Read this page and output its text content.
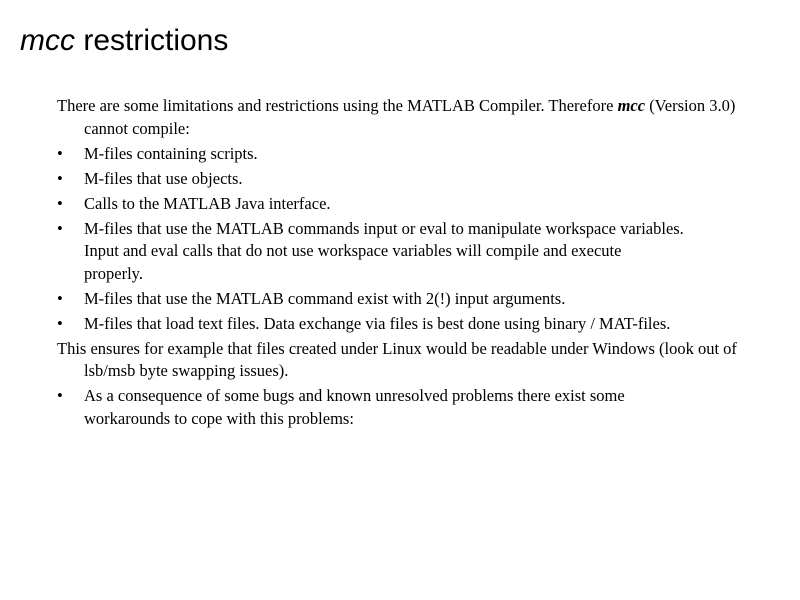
mcc restrictions

There are some limitations and restrictions using the MATLAB Compiler. Therefore mcc (Version 3.0) cannot compile:

•	M-files containing scripts.
•	M-files that use objects.
•	Calls to the MATLAB Java interface.
•	M-files that use the MATLAB commands input or eval to manipulate workspace variables. Input and eval calls that do not use workspace variables will compile and execute properly.
•	M-files that use the MATLAB command exist with 2(!) input arguments.
•	M-files that load text files. Data exchange via files is best done using binary / MAT-files.

This ensures for example that files created under Linux would be readable under Windows (look out of lsb/msb byte swapping issues).

•	As a consequence of some bugs and known unresolved problems there exist some workarounds to cope with this problems:
